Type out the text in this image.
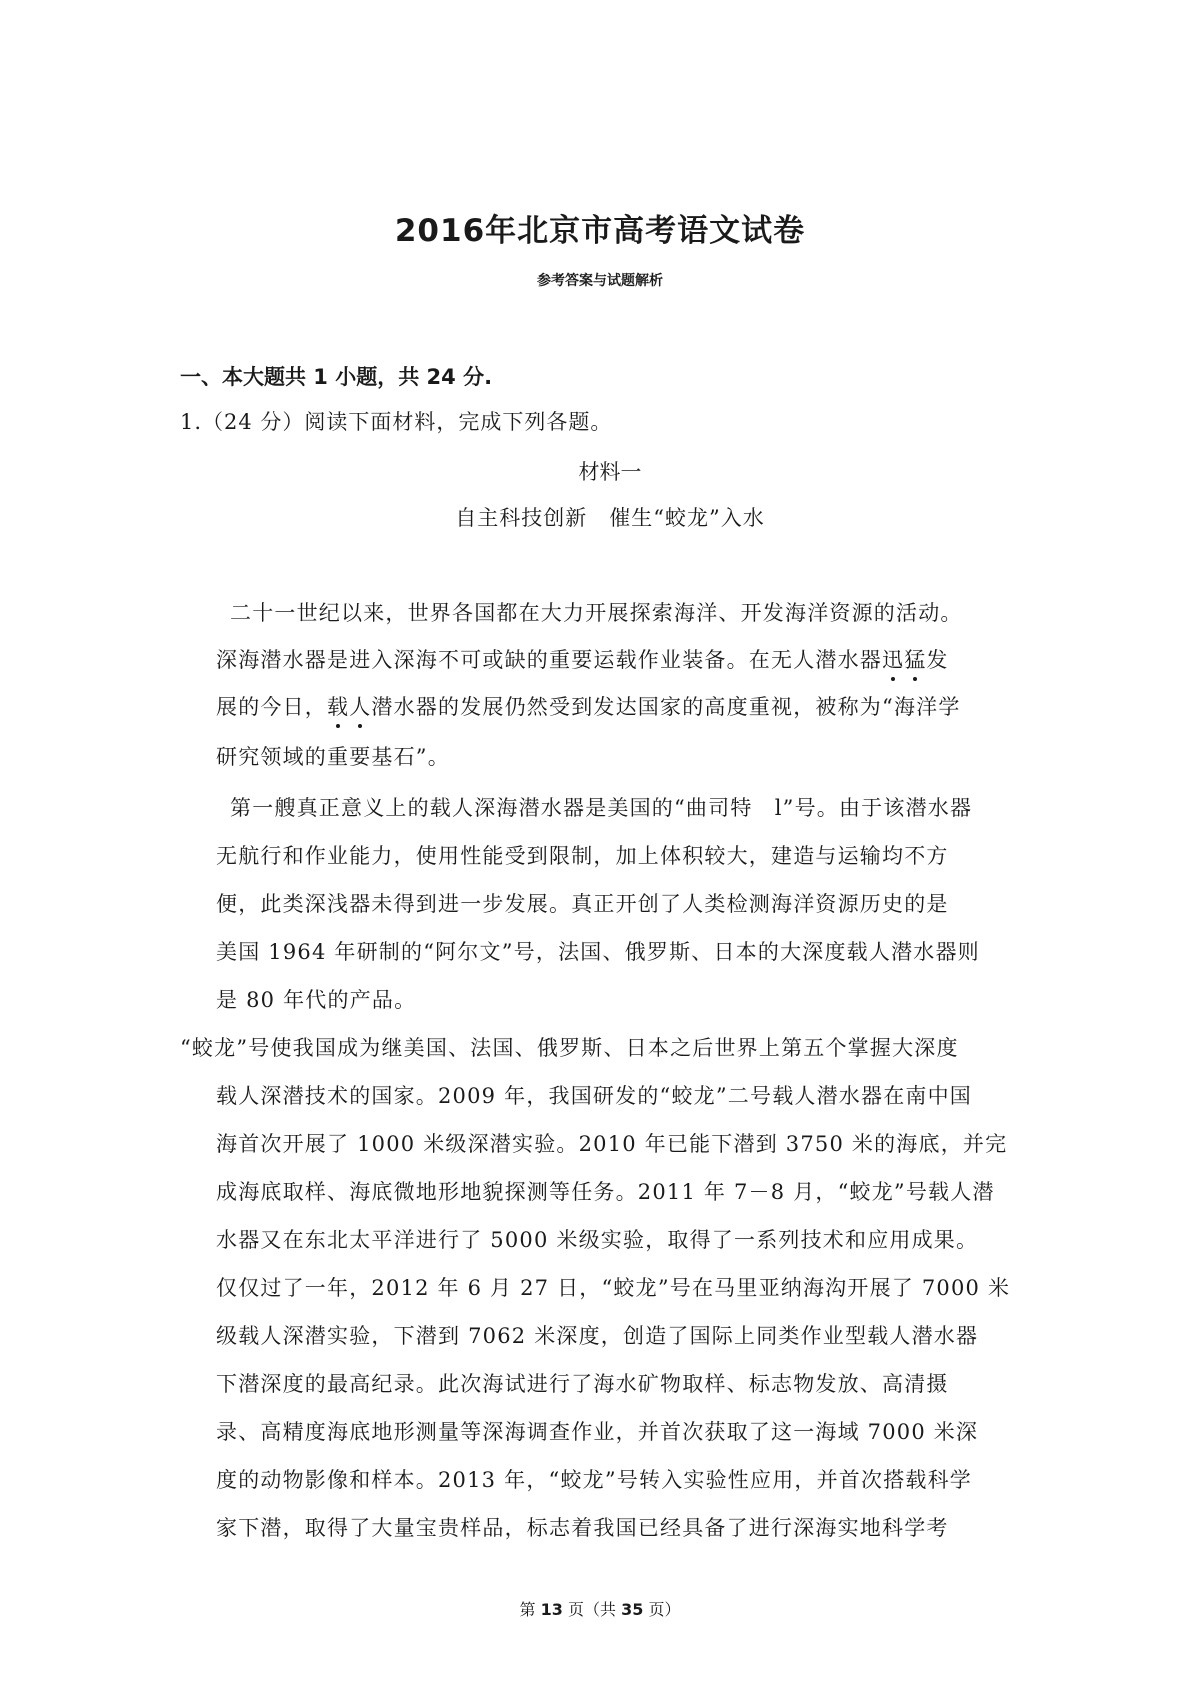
2016年北京市高考语文试卷
参考答案与试题解析
一、本大题共 1 小题，共 24 分.
1.（24 分）阅读下面材料，完成下列各题。
材料一
自主科技创新　催生“蛟龙”入水
二十一世纪以来，世界各国都在大力开展探索海洋、开发海洋资源的活动。
深海潜水器是进入深海不可或缺的重要运载作业装备。在无人潜水器迅猛发
展的今日，载人潜水器的发展仍然受到发达国家的高度重视，被称为“海洋学
研究领域的重要基石”。
第一艘真正意义上的载人深海潜水器是美国的“曲司特　l”号。由于该潜水器
无航行和作业能力，使用性能受到限制，加上体积较大，建造与运输均不方
便，此类深浅器未得到进一步发展。真正开创了人类检测海洋资源历史的是
美国 1964 年研制的“阿尔文”号，法国、俄罗斯、日本的大深度载人潜水器则
是 80 年代的产品。
“蛟龙”号使我国成为继美国、法国、俄罗斯、日本之后世界上第五个掌握大深度
载人深潜技术的国家。2009 年，我国研发的“蛟龙”二号载人潜水器在南中国
海首次开展了 1000 米级深潜实验。2010 年已能下潜到 3750 米的海底，并完
成海底取样、海底微地形地貌探测等任务。2011 年 7－8 月，“蛟龙”号载人潜
水器又在东北太平洋进行了 5000 米级实验，取得了一系列技术和应用成果。
仅仅过了一年，2012 年 6 月 27 日，“蛟龙”号在马里亚纳海沟开展了 7000 米
级载人深潜实验，下潜到 7062 米深度，创造了国际上同类作业型载人潜水器
下潜深度的最高纪录。此次海试进行了海水矿物取样、标志物发放、高清摄
录、高精度海底地形测量等深海调查作业，并首次获取了这一海域 7000 米深
度的动物影像和样本。2013 年，“蛟龙”号转入实验性应用，并首次搭载科学
家下潜，取得了大量宝贵样品，标志着我国已经具备了进行深海实地科学考
第 13 页（共 35 页）
